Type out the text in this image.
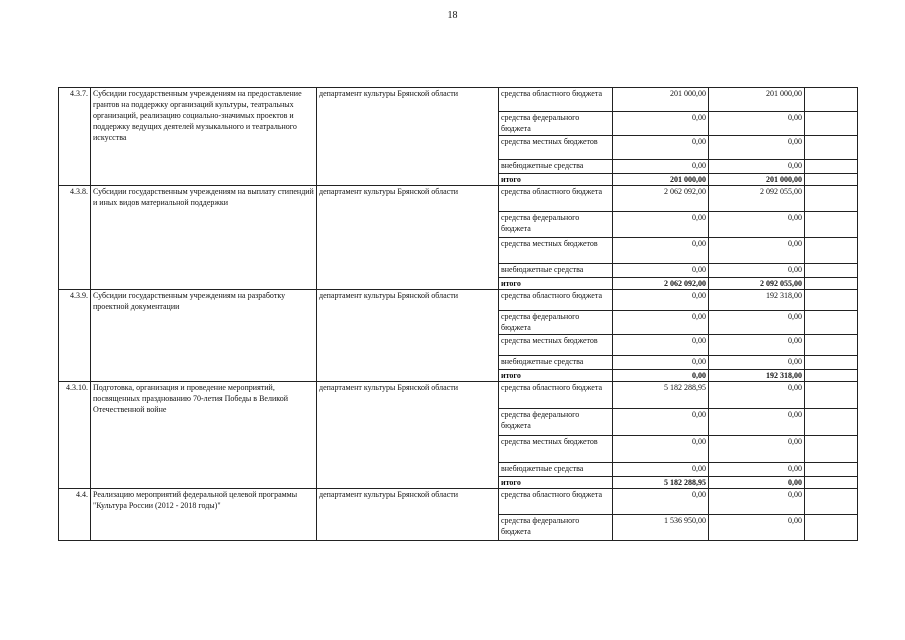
18
4.3.7.	Субсидии государственным учреждениям на предоставление грантов на поддержку организаций культуры, театральных организаций, реализацию социально-значимых проектов и поддержку ведущих деятелей музыкального и театрального искусства	департамент культуры Брянской области	средства областного бюджета	201 000,00	201 000,00	
			средства федерального бюджета	0,00	0,00	
			средства местных бюджетов	0,00	0,00	
			внебюджетные средства	0,00	0,00	
			итого	201 000,00	201 000,00	
4.3.8.	Субсидии государственным учреждениям на выплату стипендий и иных видов материальной поддержки	департамент культуры Брянской области	средства областного бюджета	2 062 092,00	2 092 055,00	
			средства федерального бюджета	0,00	0,00	
			средства местных бюджетов	0,00	0,00	
			внебюджетные средства	0,00	0,00	
			итого	2 062 092,00	2 092 055,00	
4.3.9.	Субсидии государственным учреждениям на разработку проектной документации	департамент культуры Брянской области	средства областного бюджета	0,00	192 318,00	
			средства федерального бюджета	0,00	0,00	
			средства местных бюджетов	0,00	0,00	
			внебюджетные средства	0,00	0,00	
			итого	0,00	192 318,00	
4.3.10.	Подготовка, организация и проведение мероприятий, посвященных празднованию 70-летия Победы в Великой Отечественной войне	департамент культуры Брянской области	средства областного бюджета	5 182 288,95	0,00	
			средства федерального бюджета	0,00	0,00	
			средства местных бюджетов	0,00	0,00	
			внебюджетные средства	0,00	0,00	
			итого	5 182 288,95	0,00	
4.4.	Реализацию мероприятий федеральной целевой программы "Культура России (2012 - 2018 годы)"	департамент культуры Брянской области	средства областного бюджета	0,00	0,00	
			средства федерального бюджета	1 536 950,00	0,00	
